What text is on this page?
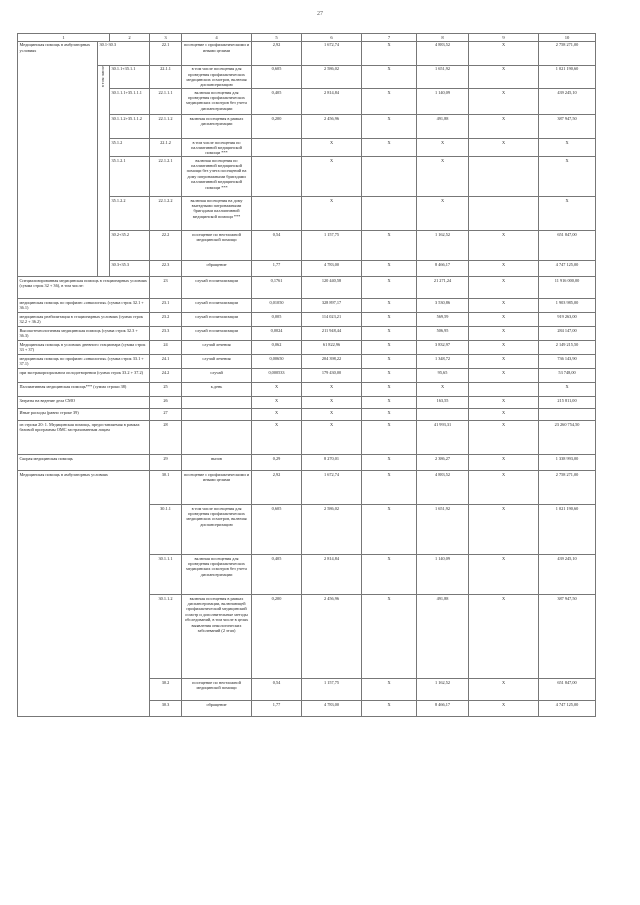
27
1		2	3	4	5	6	7	8	9	10	
Медицинская помощь в амбулаторных условиях	30.1-30.3		22.1	посещение с профилактическими и иными целями	2,92	1 672,74	X	4 883,52	X	2 758 271,00	

	в том числе	30.1.1+35.1.1	22.1.1	в том числе посещения для проведения профилактических медицинских осмотров, включая диспансеризацию	0,605	2 586,02	X	1 651,92	X	1 021 190,60	
		30.1.1.1+35.1.1.1	22.1.1.1	включая посещения для проведения профилактических медицинских осмотров без учета диспансеризации	0,405	2 814,84	X	1 140,09	X	439 245,10	
		30.1.1.2+35.1.1.2	22.1.1.2	включая посещения в рамках диспансеризации	0,200	2 456,96	X	491,88	X	387 947,50	
		35.1.2	22.1.2	в том числе посещения по паллиативной медицинской помощи ***		X	X	X	X	X	
		35.1.2.1	22.1.2.1	включая посещения по паллиативной медицинской помощи без учета посещений на дому патронажными бригадами паллиативной медицинской помощи ***		X		X		X	
		35.1.2.2	22.1.2.2	включая посещения на дому выездными патронажными бригадами паллиативной медицинской помощи ***		X		X		X	
		30.2+35.2	22.2	посещение по неотложной медицинской помощи	0,54	1 157,75	X	1 162,52	X	651 847,00	
		30.3+35.3	22.3	обращение	1,77	4 783,00	X	8 466,17	X	4 747 125,00	
Специализированная медицинская помощь в стационарных условиях (сумма строк 32 + 36), в том числе:			23	случай госпитализации	0,1761	120 440,58	X	21 271,24	X	11 916 000,00	
медицинская помощь по профилю «онкология» (сумма строк 32.1 + 36.1)			23.1	случай госпитализации	0,01050	328 897,17	X	3 530,86	X	1 903 985,00	
медицинская реабилитация в стационарных условиях (сумма строк 32.2 + 36.2)			23.2	случай госпитализации	0,005	114 023,21	X	569,59	X	919 263,00	
Высокотехнологичная медицинская помощь (сумма строк 32.3 + 36.3)			23.3	случай госпитализации	0,0024	211 948,44	X	506,95	X	284 147,00	
Медицинская помощь в условиях дневного стационара (сумма строк 33 + 37)			24	случай лечения	0,062	61 822,96	X	3 832,97	X	2 149 215,50	
медицинская помощь по профилю «онкология» (сумма строк 33.1 + 37.1)			24.1	случай лечения	0,00650	204 398,22	X	1 348,72	X	736 143,90	
при экстракорпоральном оплодотворении (сумма строк 33.2 + 37.2)			24.2	случай	0,000533	179 430,00	X	95,65	X	53 748,00	
Паллиативная медицинская помощь*** (сумма строки 38)			25	к.день	X	X	X	X		X	
Затраты на ведение дела СМО			26		X	X	X	163,55	X	215 811,00	
Иные расходы (равно строке 39)			27		X	X	X		X		
из строки 20: 1. Медицинская помощь, предоставляемая в рамках базовой программы ОМС застрахованным лицам			28		X	X	X	41 993,31	X	23 260 754,50	
Скорая медицинская помощь			29	вызов	0,29	8 270,01	X	2 386,27	X	1 338 993,00	
Медицинская помощь в амбулаторных условиях			30.1	посещение с профилактическими и иными целями	2,92	1 672,74	X	4 883,52	X	2 758 271,00	
			30.1.1	в том числе посещения для проведения профилактических медицинских осмотров, включая диспансеризацию	0,605	2 586,02	X	1 651,92	X	1 021 190,60	
			30.1.1.1	включая посещения для проведения профилактических медицинских осмотров без учета диспансеризации	0,405	2 814,84	X	1 140,09	X	439 245,10	
			30.1.1.2	включая посещения в рамках диспансеризации, включающей профилактический медицинский осмотр и дополнительные методы обследований, в том числе в целях выявления онкологических заболеваний (2 этап)	0,200	2 456,96	X	491,88	X	387 947,50	
			30.2	посещение по неотложной медицинской помощи	0,54	1 157,75	X	1 162,52	X	651 847,00	
			30.3	обращение	1,77	4 783,00	X	8 466,17	X	4 747 125,00	
